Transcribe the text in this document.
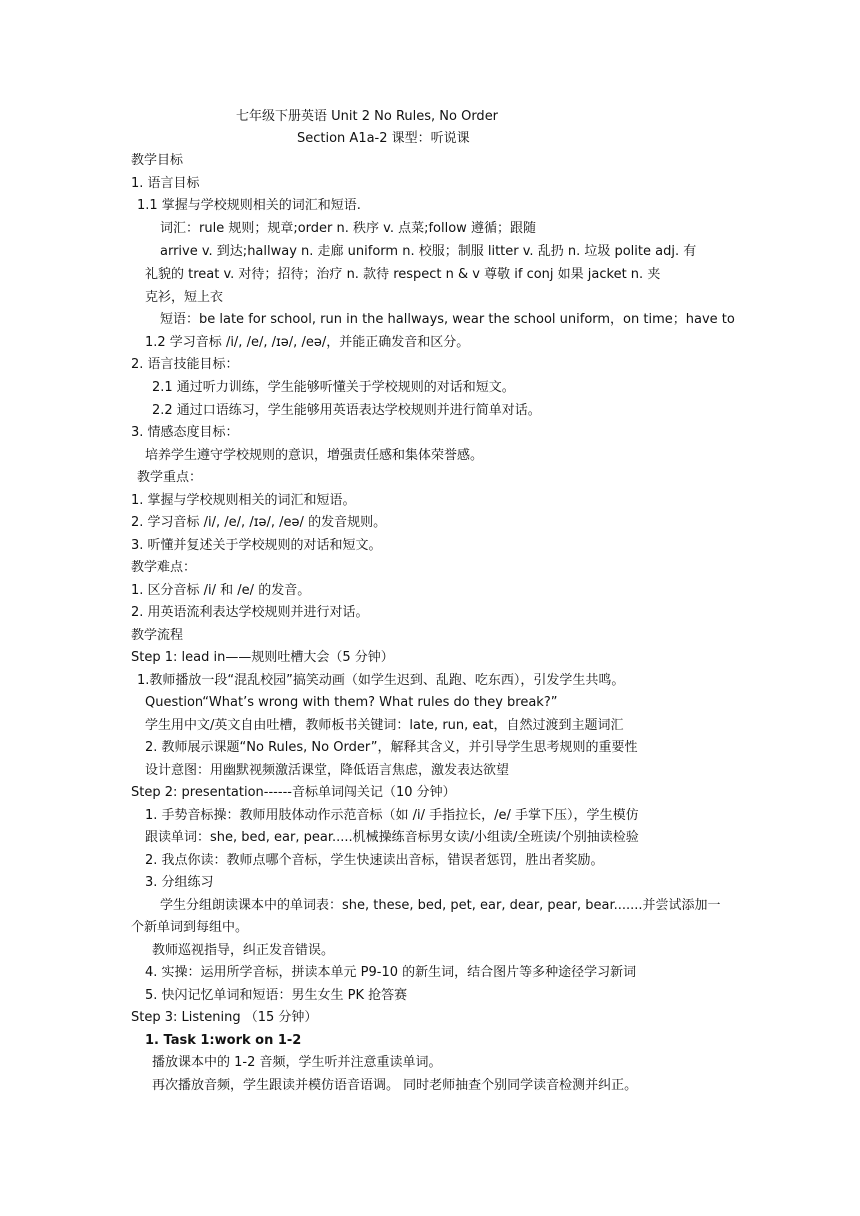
七年级下册英语 Unit 2 No Rules, No Order
Section A1a-2 课型：听说课
教学目标
1. 语言目标
1.1 掌握与学校规则相关的词汇和短语.
词汇：rule 规则；规章;order n. 秩序 v. 点菜;follow 遵循；跟随
arrive v. 到达;hallway n. 走廊 uniform n. 校服；制服 litter v. 乱扔 n. 垃圾 polite adj. 有
礼貌的 treat v. 对待；招待；治疗 n. 款待 respect n & v 尊敬 if conj 如果 jacket n. 夹
克衫，短上衣
短语：be late for school, run in the hallways, wear the school uniform，on time；have to
1.2 学习音标 /i/, /e/, /ɪə/, /eə/，并能正确发音和区分。
2. 语言技能目标：
2.1 通过听力训练，学生能够听懂关于学校规则的对话和短文。
2.2 通过口语练习，学生能够用英语表达学校规则并进行简单对话。
3. 情感态度目标：
培养学生遵守学校规则的意识，增强责任感和集体荣誉感。
教学重点：
1. 掌握与学校规则相关的词汇和短语。
2. 学习音标 /i/, /e/, /ɪə/, /eə/ 的发音规则。
3. 听懂并复述关于学校规则的对话和短文。
教学难点：
1. 区分音标 /i/ 和 /e/ 的发音。
2. 用英语流利表达学校规则并进行对话。
教学流程
Step 1: lead in——规则吐槽大会（5 分钟）
1.教师播放一段“混乱校园”搞笑动画（如学生迟到、乱跑、吃东西），引发学生共鸣。
Question“What’s wrong with them? What rules do they break?”
学生用中文/英文自由吐槽，教师板书关键词：late, run, eat，自然过渡到主题词汇
2. 教师展示课题“No Rules, No Order”，解释其含义，并引导学生思考规则的重要性
设计意图：用幽默视频激活课堂，降低语言焦虑，激发表达欲望
Step 2: presentation------音标单词闯关记（10 分钟）
1. 手势音标操：教师用肢体动作示范音标（如 /i/ 手指拉长，/e/ 手掌下压），学生模仿
跟读单词：she, bed, ear, pear.....机械操练音标男女读/小组读/全班读/个别抽读检验
2. 我点你读：教师点哪个音标，学生快速读出音标，错误者惩罚，胜出者奖励。
3. 分组练习
学生分组朗读课本中的单词表：she, these, bed, pet, ear, dear, pear, bear.......并尝试添加一
个新单词到每组中。
教师巡视指导，纠正发音错误。
4. 实操：运用所学音标，拼读本单元 P9-10 的新生词，结合图片等多种途径学习新词
5. 快闪记忆单词和短语：男生女生 PK 抢答赛
Step 3: Listening （15 分钟）
1. Task 1:work on 1-2
播放课本中的 1-2 音频，学生听并注意重读单词。
再次播放音频，学生跟读并模仿语音语调。 同时老师抽查个别同学读音检测并纠正。
